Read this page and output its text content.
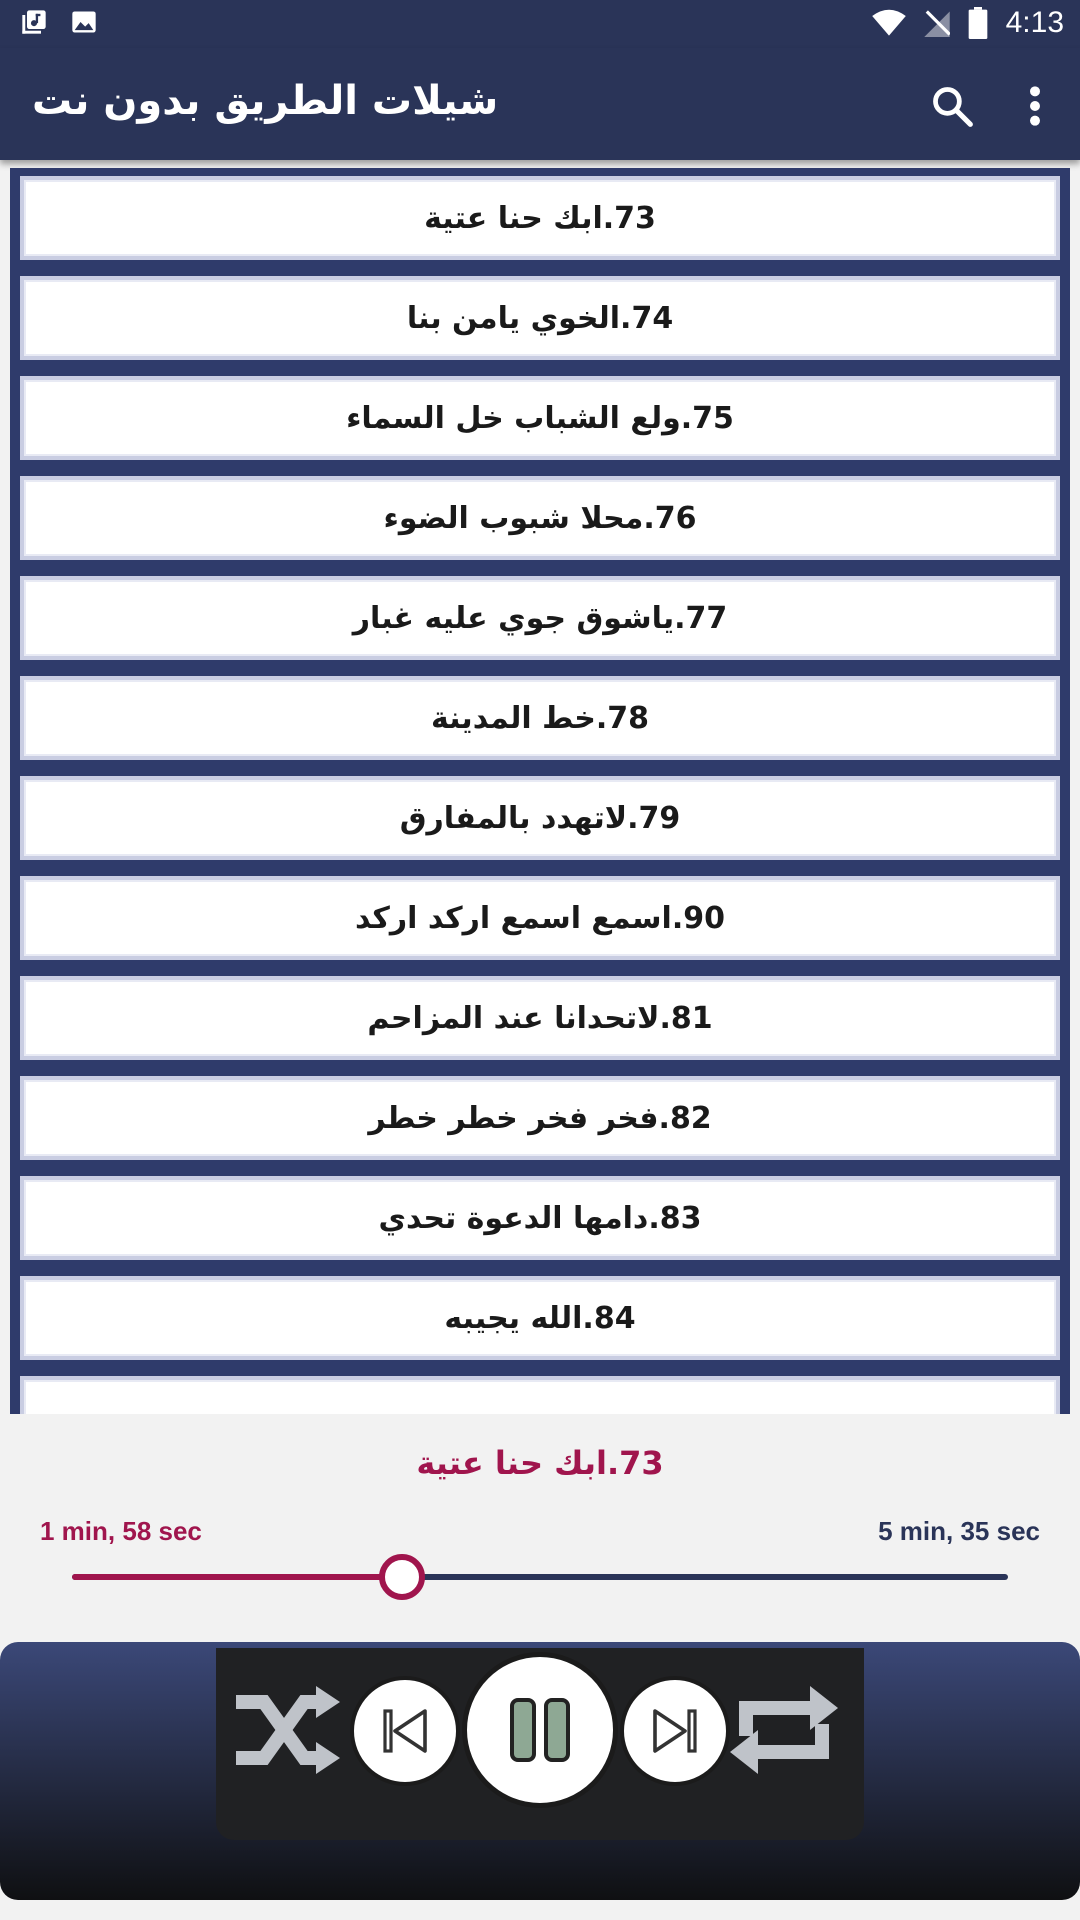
4:13
شيلات الطريق بدون نت
73.ابك حنا عتية
74.الخوي يامن بنا
75.ولع الشباب خل السماء
76.محلا شبوب الضوء
77.ياشوق جوي عليه غبار
78.خط المدينة
79.لاتهدد بالمفارق
90.اسمع اسمع اركد اركد
81.لاتحدانا عند المزاحم
82.فخر فخر خطر خطر
83.دامها الدعوة تحدي
84.الله يجيبه
73.ابك حنا عتية
1 min, 58 sec	5 min, 35 sec
